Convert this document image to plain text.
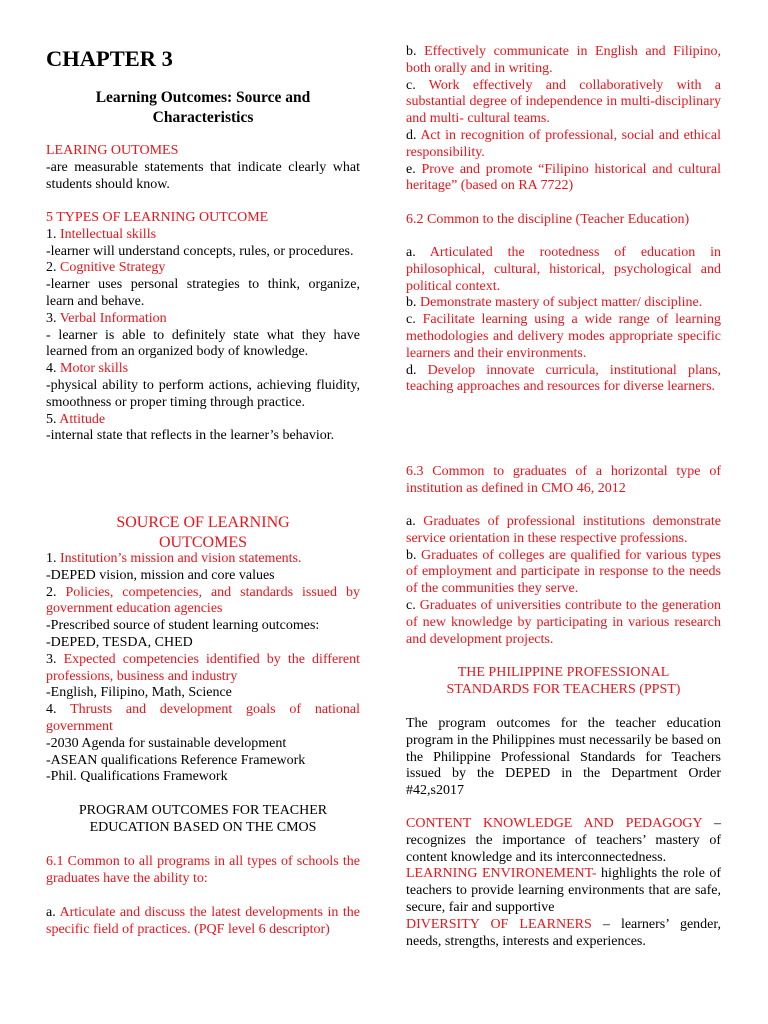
CHAPTER 3
Learning Outcomes: Source and
Characteristics
LEARING OUTOMES
-are measurable statements that indicate clearly what students should know.
5 TYPES OF LEARNING OUTCOME
1. Intellectual skills
-learner will understand concepts, rules, or procedures.
2. Cognitive Strategy
-learner uses personal strategies to think, organize, learn and behave.
3. Verbal Information
- learner is able to definitely state what they have learned from an organized body of knowledge.
4. Motor skills
-physical ability to perform actions, achieving fluidity, smoothness or proper timing through practice.
5. Attitude
-internal state that reflects in the learner’s behavior.
SOURCE OF LEARNING
OUTCOMES
1. Institution’s mission and vision statements.
-DEPED vision, mission and core values
2. Policies, competencies, and standards issued by government education agencies
-Prescribed source of student learning outcomes:
-DEPED, TESDA, CHED
3. Expected competencies identified by the different professions, business and industry
-English, Filipino, Math, Science
4. Thrusts and development goals of national government
-2030 Agenda for sustainable development
-ASEAN qualifications Reference Framework
-Phil. Qualifications Framework
PROGRAM OUTCOMES FOR TEACHER
EDUCATION BASED ON THE CMOS
6.1 Common to all programs in all types of schools the graduates have the ability to:
a. Articulate and discuss the latest developments in the specific field of practices. (PQF level 6 descriptor)
b. Effectively communicate in English and Filipino, both orally and in writing.
c. Work effectively and collaboratively with a substantial degree of independence in multi-disciplinary and multi- cultural teams.
d. Act in recognition of professional, social and ethical responsibility.
e. Prove and promote “Filipino historical and cultural heritage” (based on RA 7722)
6.2 Common to the discipline (Teacher Education)
a. Articulated the rootedness of education in philosophical, cultural, historical, psychological and political context.
b. Demonstrate mastery of subject matter/ discipline.
c. Facilitate learning using a wide range of learning methodologies and delivery modes appropriate specific learners and their environments.
d. Develop innovate curricula, institutional plans, teaching approaches and resources for diverse learners.
6.3 Common to graduates of a horizontal type of institution as defined in CMO 46, 2012
a. Graduates of professional institutions demonstrate service orientation in these respective professions.
b. Graduates of colleges are qualified for various types of employment and participate in response to the needs of the communities they serve.
c. Graduates of universities contribute to the generation of new knowledge by participating in various research and development projects.
THE PHILIPPINE PROFESSIONAL
STANDARDS FOR TEACHERS (PPST)
The program outcomes for the teacher education program in the Philippines must necessarily be based on the Philippine Professional Standards for Teachers issued by the DEPED in the Department Order #42,s2017
CONTENT KNOWLEDGE AND PEDAGOGY – recognizes the importance of teachers’ mastery of content knowledge and its interconnectedness.
LEARNING ENVIRONEMENT- highlights the role of teachers to provide learning environments that are safe, secure, fair and supportive
DIVERSITY OF LEARNERS – learners’ gender, needs, strengths, interests and experiences.
